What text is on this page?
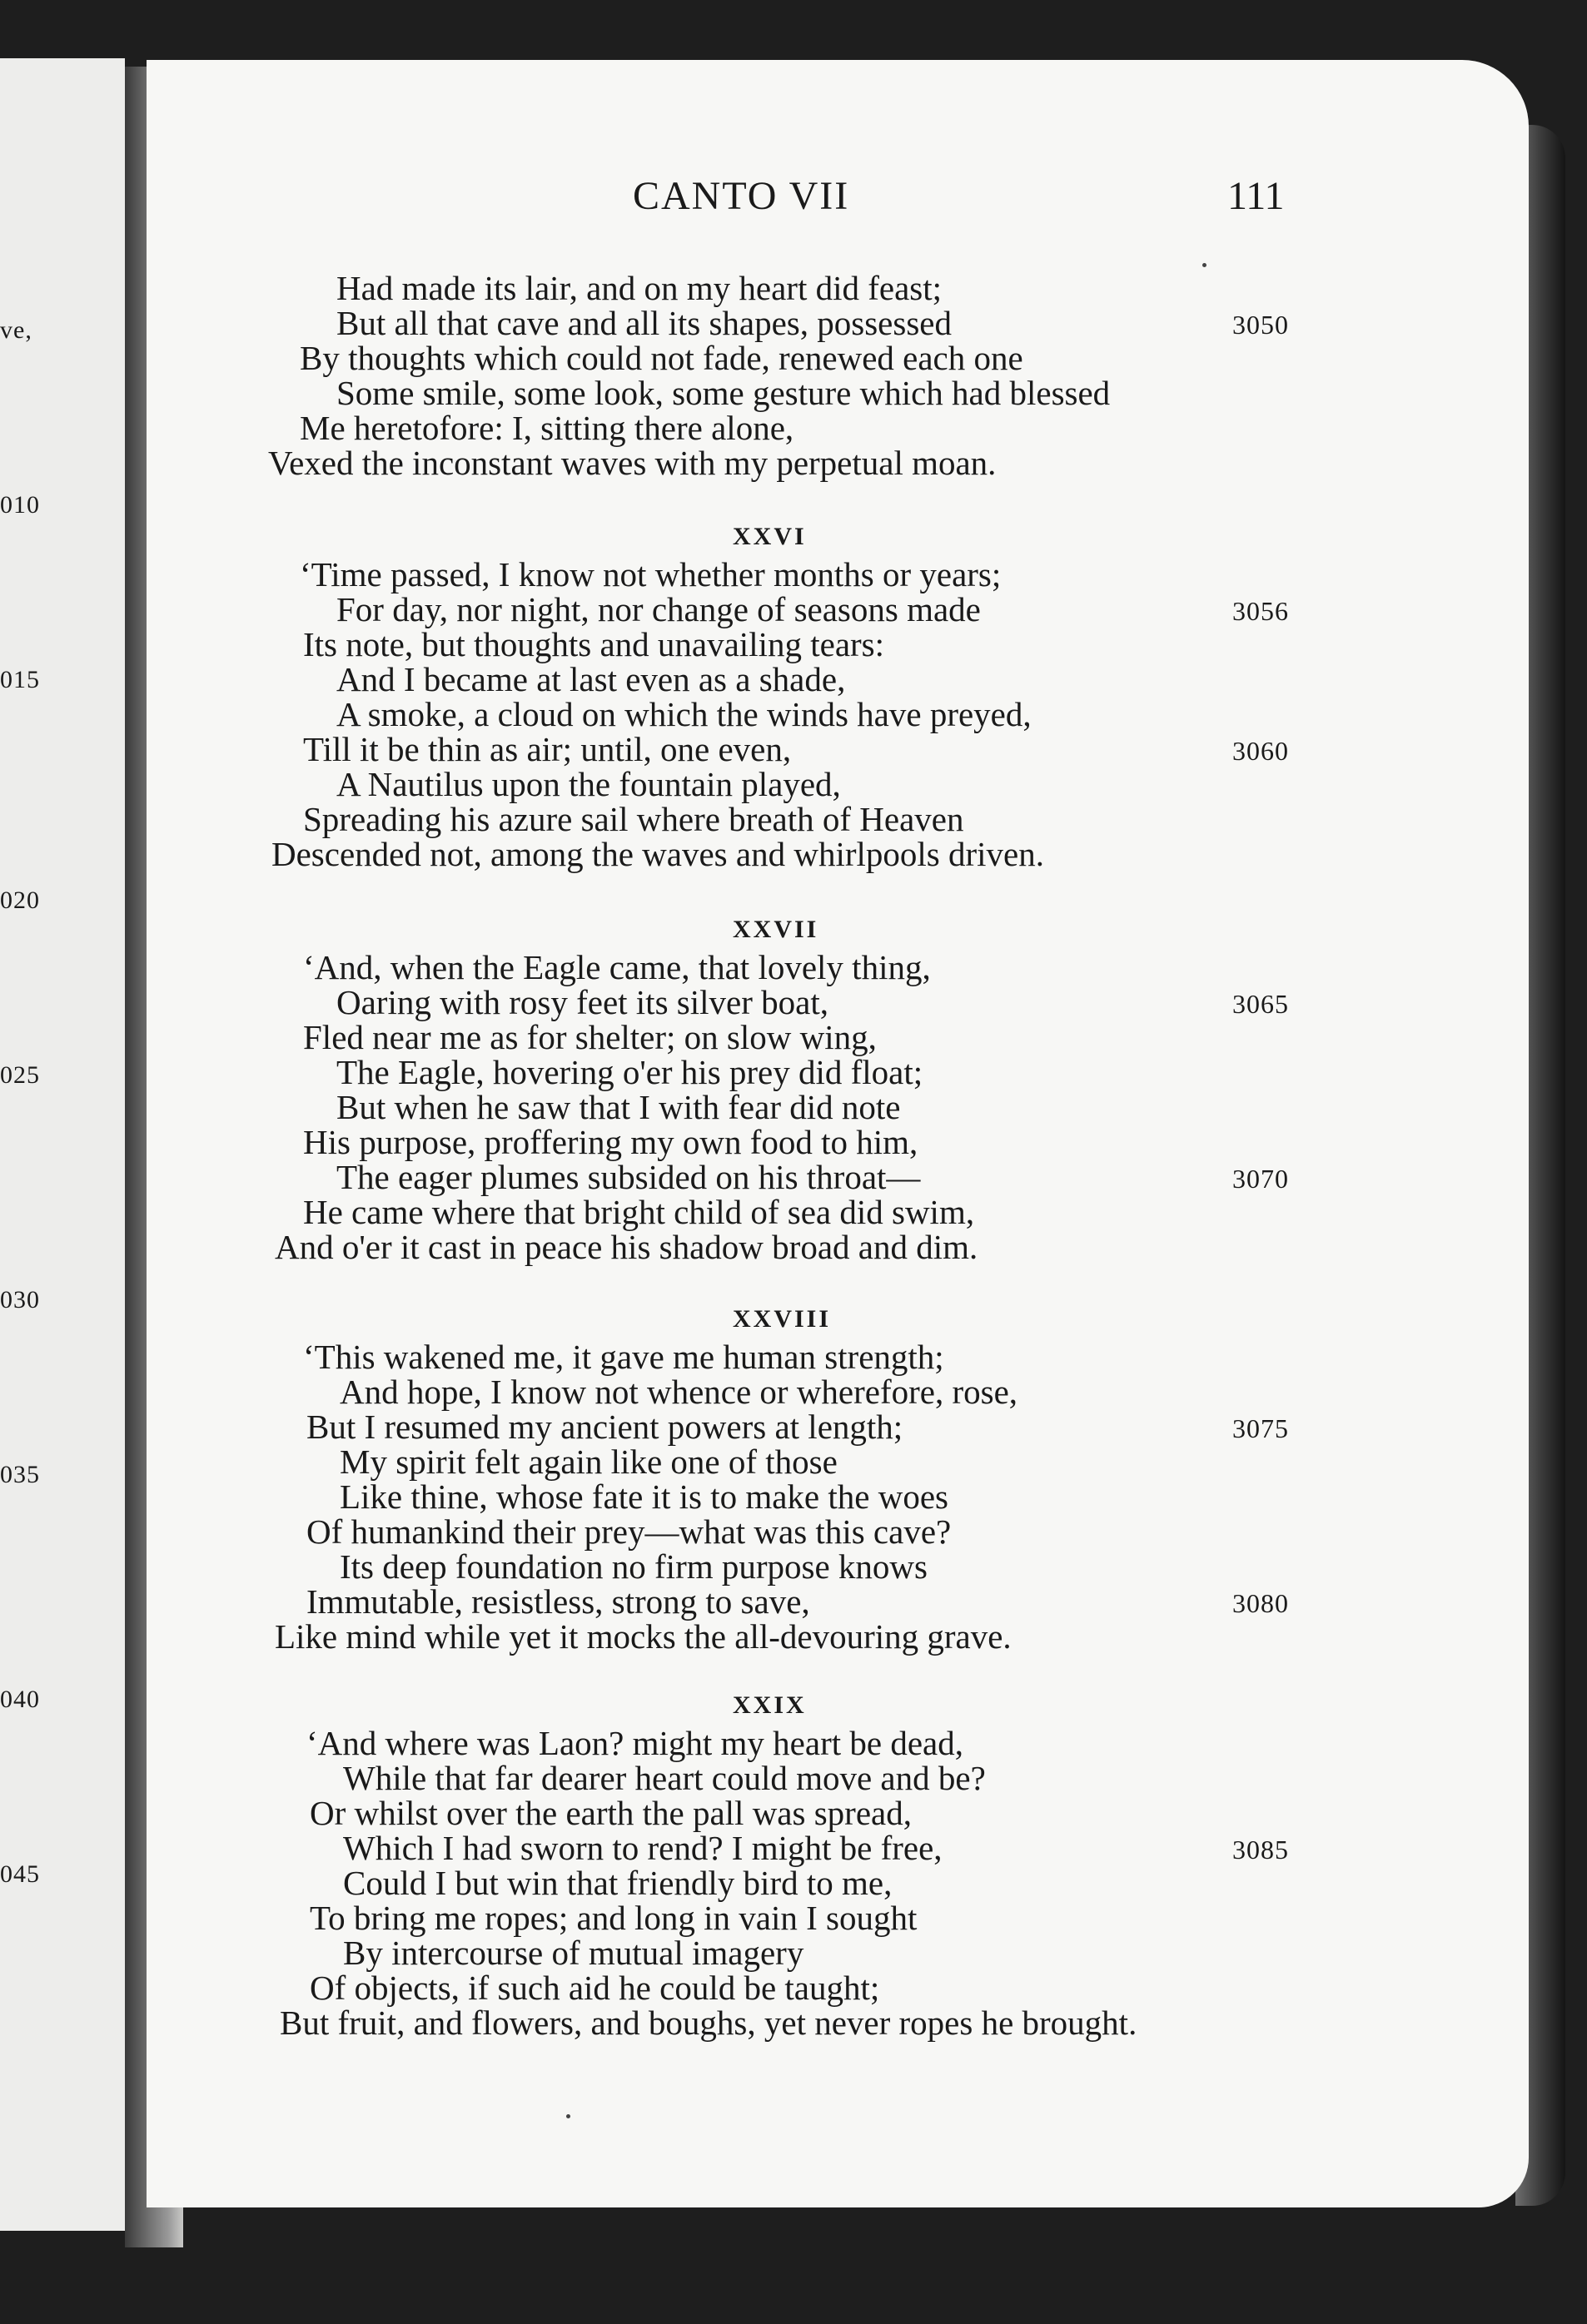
ve,
010
015
020
025
030
035
040
045
CANTO VII	111
Had made its lair, and on my heart did feast;
But all that cave and all its shapes, possessed	3050
By thoughts which could not fade, renewed each one
Some smile, some look, some gesture which had blessed
Me heretofore: I, sitting there alone,
Vexed the inconstant waves with my perpetual moan.
XXVI
‘Time passed, I know not whether months or years;
For day, nor night, nor change of seasons made	3056
Its note, but thoughts and unavailing tears:
And I became at last even as a shade,
A smoke, a cloud on which the winds have preyed,
Till it be thin as air; until, one even,	3060
A Nautilus upon the fountain played,
Spreading his azure sail where breath of Heaven
Descended not, among the waves and whirlpools driven.
XXVII
‘And, when the Eagle came, that lovely thing,
Oaring with rosy feet its silver boat,	3065
Fled near me as for shelter; on slow wing,
The Eagle, hovering o'er his prey did float;
But when he saw that I with fear did note
His purpose, proffering my own food to him,
The eager plumes subsided on his throat—	3070
He came where that bright child of sea did swim,
And o'er it cast in peace his shadow broad and dim.
XXVIII
‘This wakened me, it gave me human strength;
And hope, I know not whence or wherefore, rose,
But I resumed my ancient powers at length;	3075
My spirit felt again like one of those
Like thine, whose fate it is to make the woes
Of humankind their prey—what was this cave?
Its deep foundation no firm purpose knows
Immutable, resistless, strong to save,	3080
Like mind while yet it mocks the all-devouring grave.
XXIX
‘And where was Laon? might my heart be dead,
While that far dearer heart could move and be?
Or whilst over the earth the pall was spread,
Which I had sworn to rend? I might be free,	3085
Could I but win that friendly bird to me,
To bring me ropes; and long in vain I sought
By intercourse of mutual imagery
Of objects, if such aid he could be taught;
But fruit, and flowers, and boughs, yet never ropes he brought.
